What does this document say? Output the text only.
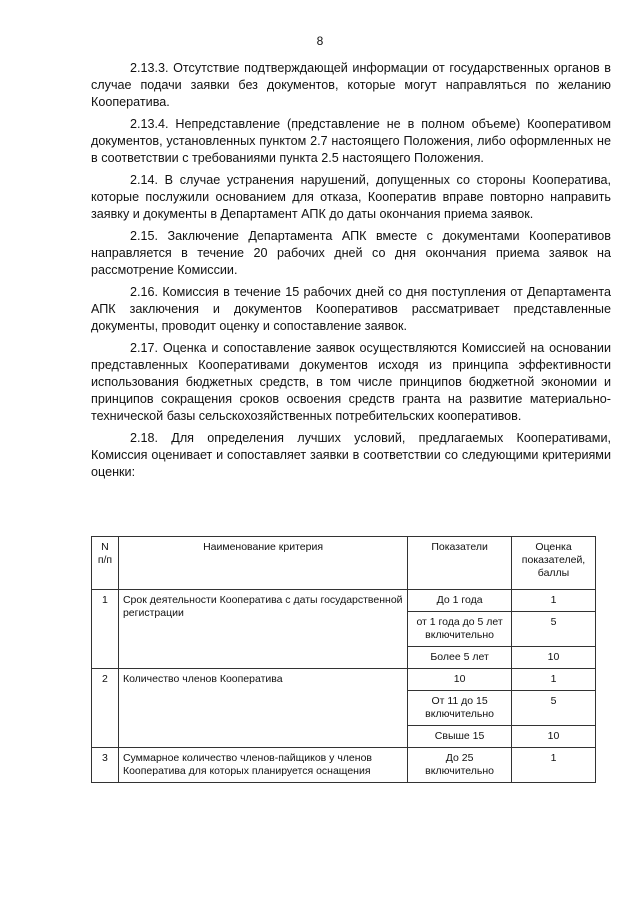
8

2.13.3. Отсутствие подтверждающей информации от государственных органов в случае подачи заявки без документов, которые могут направляться по желанию Кооператива.

2.13.4. Непредставление (представление не в полном объеме) Кооперативом документов, установленных пунктом 2.7 настоящего Положения, либо оформленных не в соответствии с требованиями пункта 2.5 настоящего Положения.

2.14. В случае устранения нарушений, допущенных со стороны Кооператива, которые послужили основанием для отказа, Кооператив вправе повторно направить заявку и документы в Департамент АПК до даты окончания приема заявок.

2.15. Заключение Департамента АПК вместе с документами Кооперативов направляется в течение 20 рабочих дней со дня окончания приема заявок на рассмотрение Комиссии.

2.16. Комиссия в течение 15 рабочих дней со дня поступления от Департамента АПК заключения и документов Кооперативов рассматривает представленные документы, проводит оценку и сопоставление заявок.

2.17. Оценка и сопоставление заявок осуществляются Комиссией на основании представленных Кооперативами документов исходя из принципа эффективности использования бюджетных средств, в том числе принципов бюджетной экономии и принципов сокращения сроков освоения средств гранта на развитие материально-технической базы сельскохозяйственных потребительских кооперативов.

2.18. Для определения лучших условий, предлагаемых Кооперативами, Комиссия оценивает и сопоставляет заявки в соответствии со следующими критериями оценки:

N п/п	Наименование критерия	Показатели	Оценка показателей, баллы
1	Срок деятельности Кооператива с даты государственной регистрации	До 1 года	1
		от 1 года до 5 лет включительно	5
		Более 5 лет	10
2	Количество членов Кооператива	10	1
		От 11 до 15 включительно	5
		Свыше 15	10
3	Суммарное количество членов-пайщиков у членов Кооператива для которых планируется оснащения	До 25 включительно	1
